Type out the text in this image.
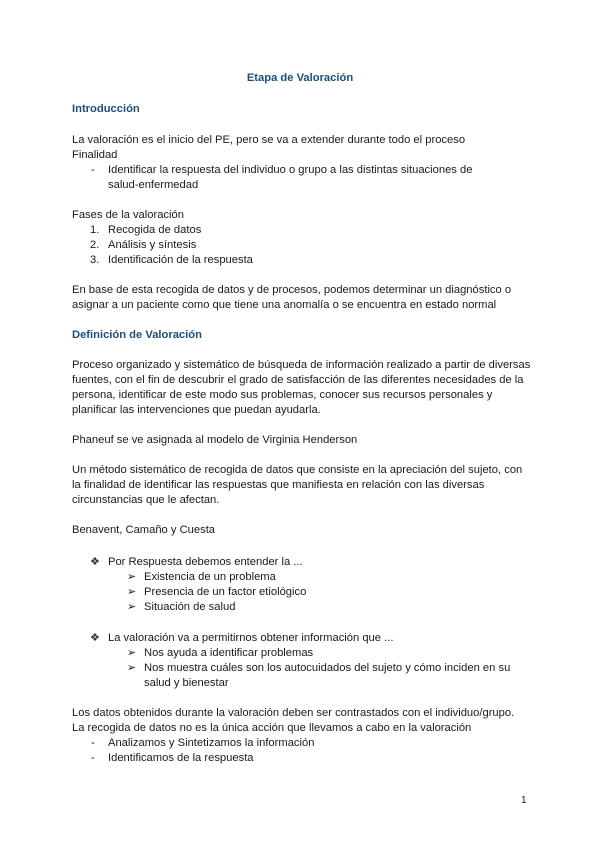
Etapa de Valoración
Introducción
La valoración es el inicio del PE, pero se va a extender durante todo el proceso
Finalidad
- Identificar la respuesta del individuo o grupo a las distintas situaciones de
salud-enfermedad
Fases de la valoración
1. Recogida de datos
2. Análisis y síntesis
3. Identificación de la respuesta
En base de esta recogida de datos y de procesos, podemos determinar un diagnóstico o
asignar a un paciente como que tiene una anomalía o se encuentra en estado normal
Definición de Valoración
Proceso organizado y sistemático de búsqueda de información realizado a partir de diversas
fuentes, con el fin de descubrir el grado de satisfacción de las diferentes necesidades de la
persona, identificar de este modo sus problemas, conocer sus recursos personales y
planificar las intervenciones que puedan ayudarla.
Phaneuf se ve asignada al modelo de Virginia Henderson
Un método sistemático de recogida de datos que consiste en la apreciación del sujeto, con
la finalidad de identificar las respuestas que manifiesta en relación con las diversas
circunstancias que le afectan.
Benavent, Camaño y Cuesta
❖ Por Respuesta debemos entender la ...
➢ Existencia de un problema
➢ Presencia de un factor etiológico
➢ Situación de salud
❖ La valoración va a permitirnos obtener información que ...
➢ Nos ayuda a identificar problemas
➢ Nos muestra cuáles son los autocuidados del sujeto y cómo inciden en su
salud y bienestar
Los datos obtenidos durante la valoración deben ser contrastados con el individuo/grupo.
La recogida de datos no es la única acción que llevamos a cabo en la valoración
- Analizamos y Sintetizamos la información
- Identificamos de la respuesta
1
